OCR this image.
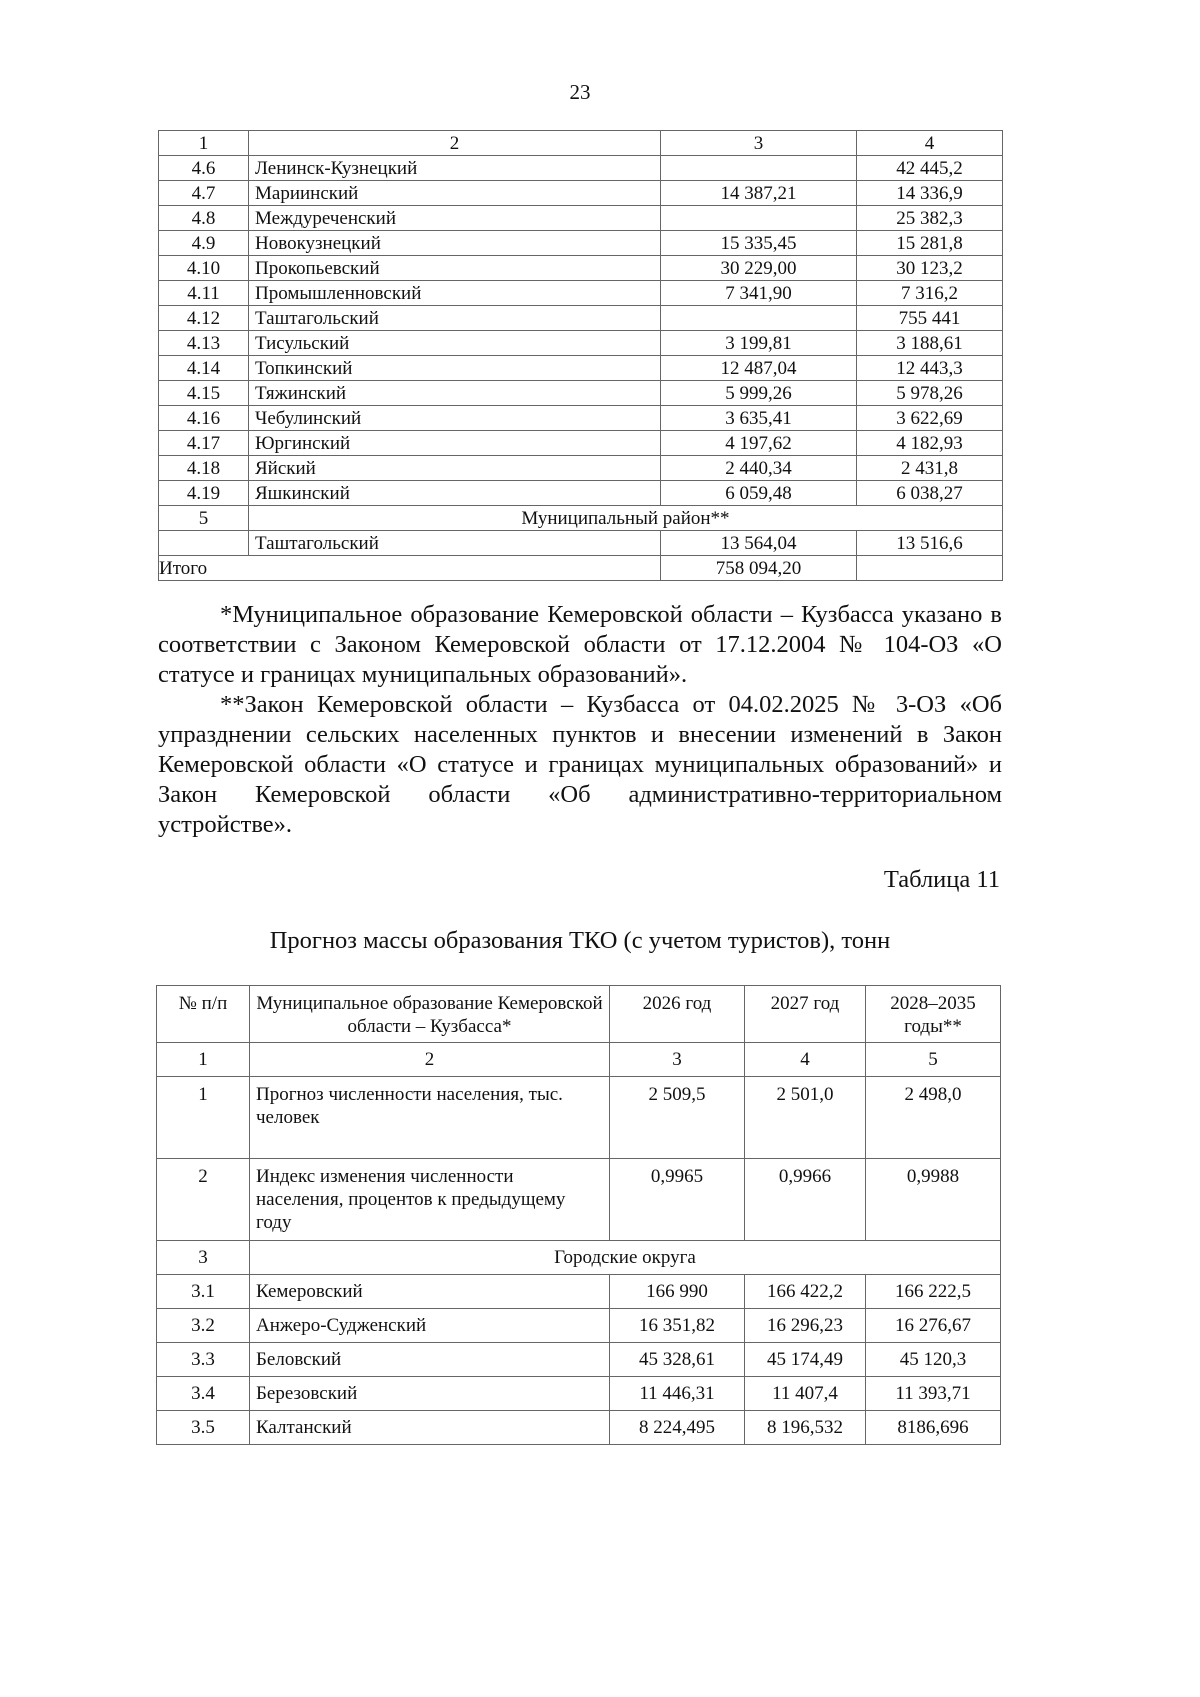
23
1	2	3	4
4.6	Ленинск-Кузнецкий		42 445,2
4.7	Мариинский	14 387,21	14 336,9
4.8	Междуреченский		25 382,3
4.9	Новокузнецкий	15 335,45	15 281,8
4.10	Прокопьевский	30 229,00	30 123,2
4.11	Промышленновский	7 341,90	7 316,2
4.12	Таштагольский		755 441
4.13	Тисульский	3 199,81	3 188,61
4.14	Топкинский	12 487,04	12 443,3
4.15	Тяжинский	5 999,26	5 978,26
4.16	Чебулинский	3 635,41	3 622,69
4.17	Юргинский	4 197,62	4 182,93
4.18	Яйский	2 440,34	2 431,8
4.19	Яшкинский	6 059,48	6 038,27
5	Муниципальный район**		
	Таштагольский	13 564,04	13 516,6
Итого		758 094,20	

*Муниципальное образование Кемеровской области – Кузбасса указано в соответствии с Законом Кемеровской области от 17.12.2004 № 104-ОЗ «О статусе и границах муниципальных образований».

**Закон Кемеровской области – Кузбасса от 04.02.2025 № 3-ОЗ «Об упразднении сельских населенных пунктов и внесении изменений в Закон Кемеровской области «О статусе и границах муниципальных образований» и Закон Кемеровской области «Об административно-территориальном устройстве».

Таблица 11
Прогноз массы образования ТКО (с учетом туристов), тонн
№ п/п	Муниципальное образование Кемеровской области – Кузбасса*	2026 год	2027 год	2028–2035 годы**
1	2	3	4	5
1	Прогноз численности населения, тыс. человек	2 509,5	2 501,0	2 498,0
2	Индекс изменения численности населения, процентов к предыдущему году	0,9965	0,9966	0,9988
3	Городские округа			
3.1	Кемеровский	166 990	166 422,2	166 222,5
3.2	Анжеро-Судженский	16 351,82	16 296,23	16 276,67
3.3	Беловский	45 328,61	45 174,49	45 120,3
3.4	Березовский	11 446,31	11 407,4	11 393,71
3.5	Калтанский	8 224,495	8 196,532	8186,696
